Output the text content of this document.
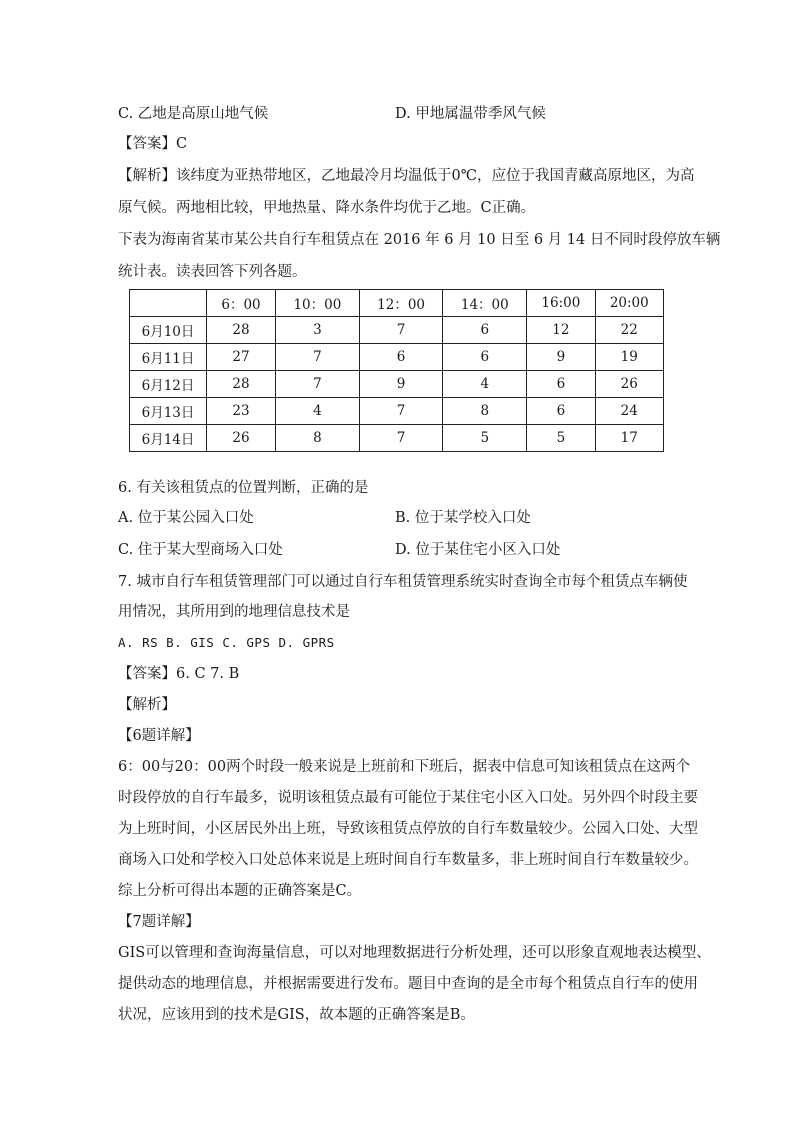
C. 乙地是高原山地气候	D. 甲地属温带季风气候
【答案】C
【解析】该纬度为亚热带地区，乙地最冷月均温低于0℃，应位于我国青藏高原地区，为高
原气候。两地相比较，甲地热量、降水条件均优于乙地。C正确。
下表为海南省某市某公共自行车租赁点在 2016 年 6 月 10 日至 6 月 14 日不同时段停放车辆
统计表。读表回答下列各题。
	6：00	10：00	12：00	14：00	16:00	20:00
6月10日	28	3	7	6	12	22
6月11日	27	7	6	6	9	19
6月12日	28	7	9	4	6	26
6月13日	23	4	7	8	6	24
6月14日	26	8	7	5	5	17
6. 有关该租赁点的位置判断，正确的是
A. 位于某公园入口处	B. 位于某学校入口处
C. 住于某大型商场入口处	D. 位于某住宅小区入口处
7. 城市自行车租赁管理部门可以通过自行车租赁管理系统实时查询全市每个租赁点车辆使
用情况，其所用到的地理信息技术是
A. RS B. GIS C. GPS D. GPRS
【答案】6. C 7. B
【解析】
【6题详解】
6：00与20：00两个时段一般来说是上班前和下班后，据表中信息可知该租赁点在这两个
时段停放的自行车最多，说明该租赁点最有可能位于某住宅小区入口处。另外四个时段主要
为上班时间，小区居民外出上班，导致该租赁点停放的自行车数量较少。公园入口处、大型
商场入口处和学校入口处总体来说是上班时间自行车数量多，非上班时间自行车数量较少。
综上分析可得出本题的正确答案是C。
【7题详解】
GIS可以管理和查询海量信息，可以对地理数据进行分析处理，还可以形象直观地表达模型、
提供动态的地理信息，并根据需要进行发布。题目中查询的是全市每个租赁点自行车的使用
状况，应该用到的技术是GIS，故本题的正确答案是B。
